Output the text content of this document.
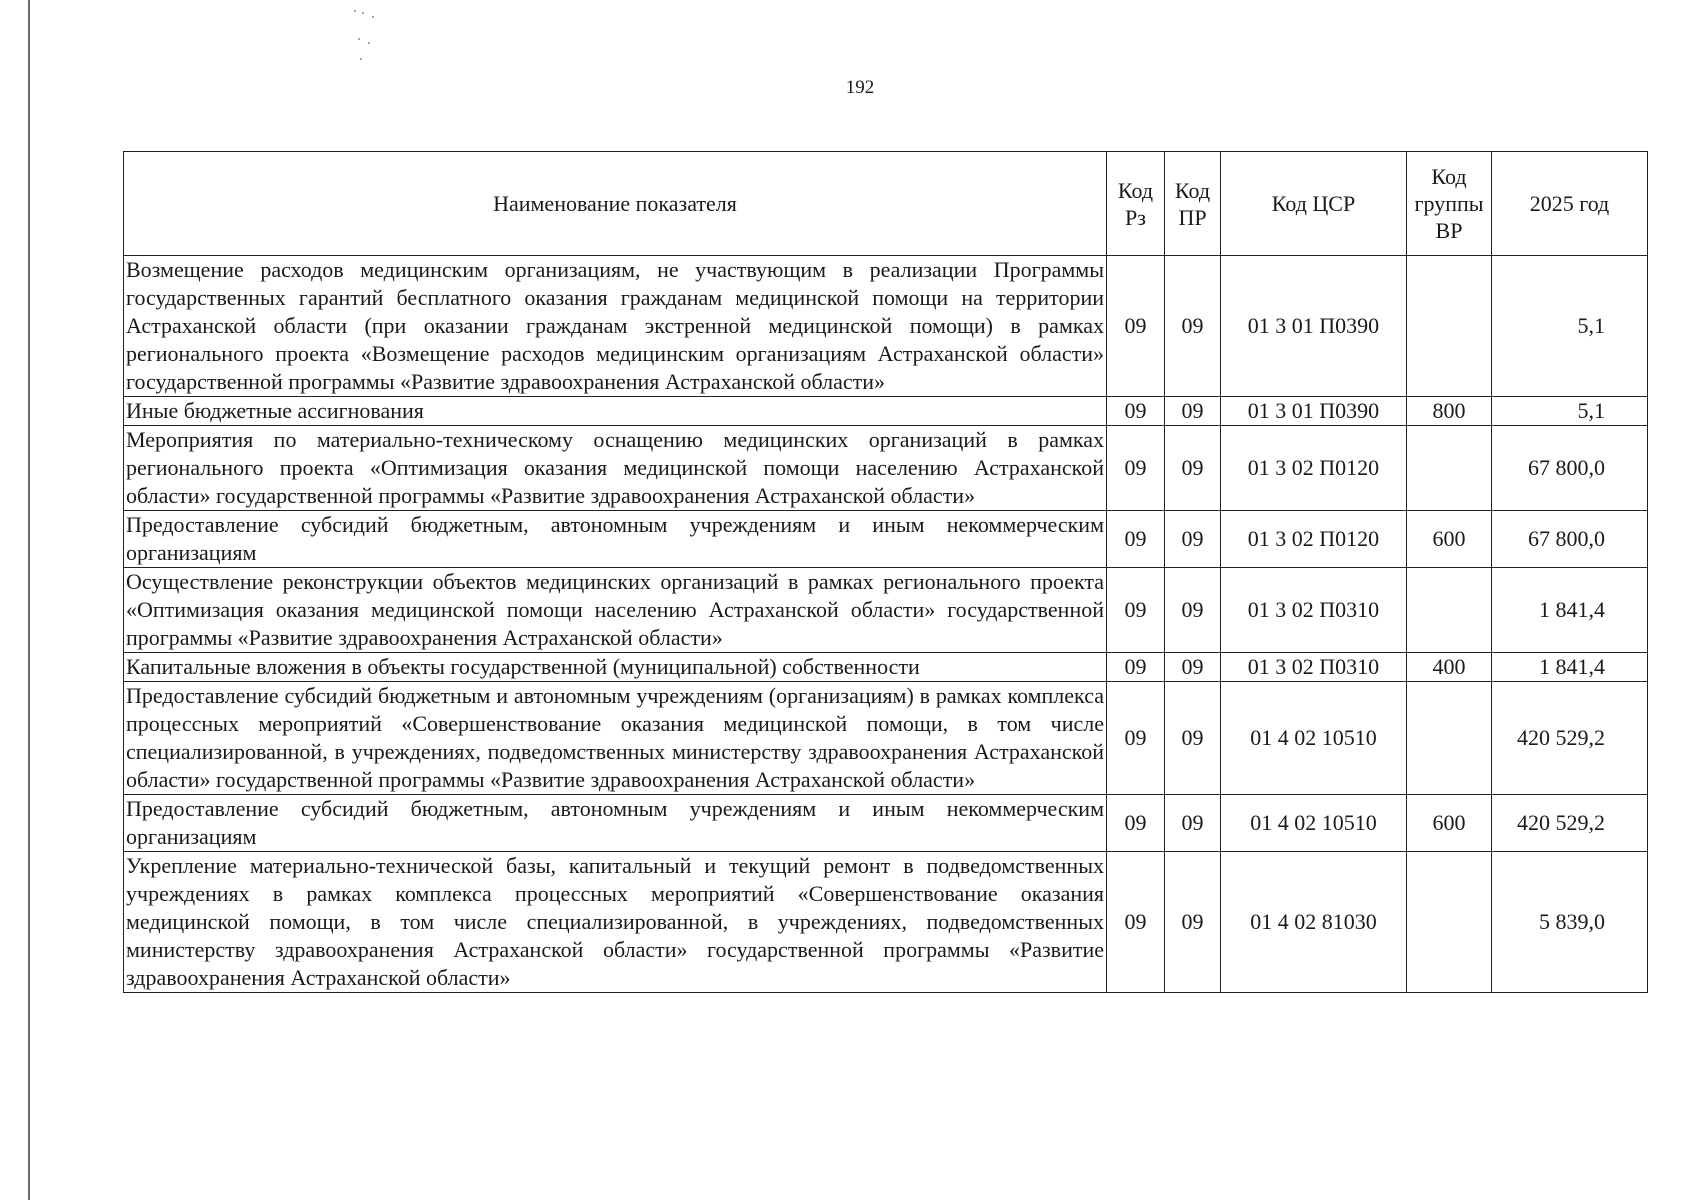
192
Наименование показателя	Код Рз	Код ПР	Код ЦСР	Код группы ВР	2025 год
Возмещение расходов медицинским организациям, не участвующим в реализации Программы государственных гарантий бесплатного оказания гражданам медицинской помощи на территории Астраханской области (при оказании гражданам экстренной медицинской помощи) в рамках регионального проекта «Возмещение расходов медицинским организациям Астраханской области» государственной программы «Развитие здравоохранения Астраханской области»	09	09	01 3 01 П0390		5,1
Иные бюджетные ассигнования	09	09	01 3 01 П0390	800	5,1
Мероприятия по материально-техническому оснащению медицинских организаций в рамках регионального проекта «Оптимизация оказания медицинской помощи населению Астраханской области» государственной программы «Развитие здравоохранения Астраханской области»	09	09	01 3 02 П0120		67 800,0
Предоставление субсидий бюджетным, автономным учреждениям и иным некоммерческим организациям	09	09	01 3 02 П0120	600	67 800,0
Осуществление реконструкции объектов медицинских организаций в рамках регионального проекта «Оптимизация оказания медицинской помощи населению Астраханской области» государственной программы «Развитие здравоохранения Астраханской области»	09	09	01 3 02 П0310		1 841,4
Капитальные вложения в объекты государственной (муниципальной) собственности	09	09	01 3 02 П0310	400	1 841,4
Предоставление субсидий бюджетным и автономным учреждениям (организациям) в рамках комплекса процессных мероприятий «Совершенствование оказания медицинской помощи, в том числе специализированной, в учреждениях, подведомственных министерству здравоохранения Астраханской области» государственной программы «Развитие здравоохранения Астраханской области»	09	09	01 4 02 10510		420 529,2
Предоставление субсидий бюджетным, автономным учреждениям и иным некоммерческим организациям	09	09	01 4 02 10510	600	420 529,2
Укрепление материально-технической базы, капитальный и текущий ремонт в подведомственных учреждениях в рамках комплекса процессных мероприятий «Совершенствование оказания медицинской помощи, в том числе специализированной, в учреждениях, подведомственных министерству здравоохранения Астраханской области» государственной программы «Развитие здравоохранения Астраханской области»	09	09	01 4 02 81030		5 839,0
